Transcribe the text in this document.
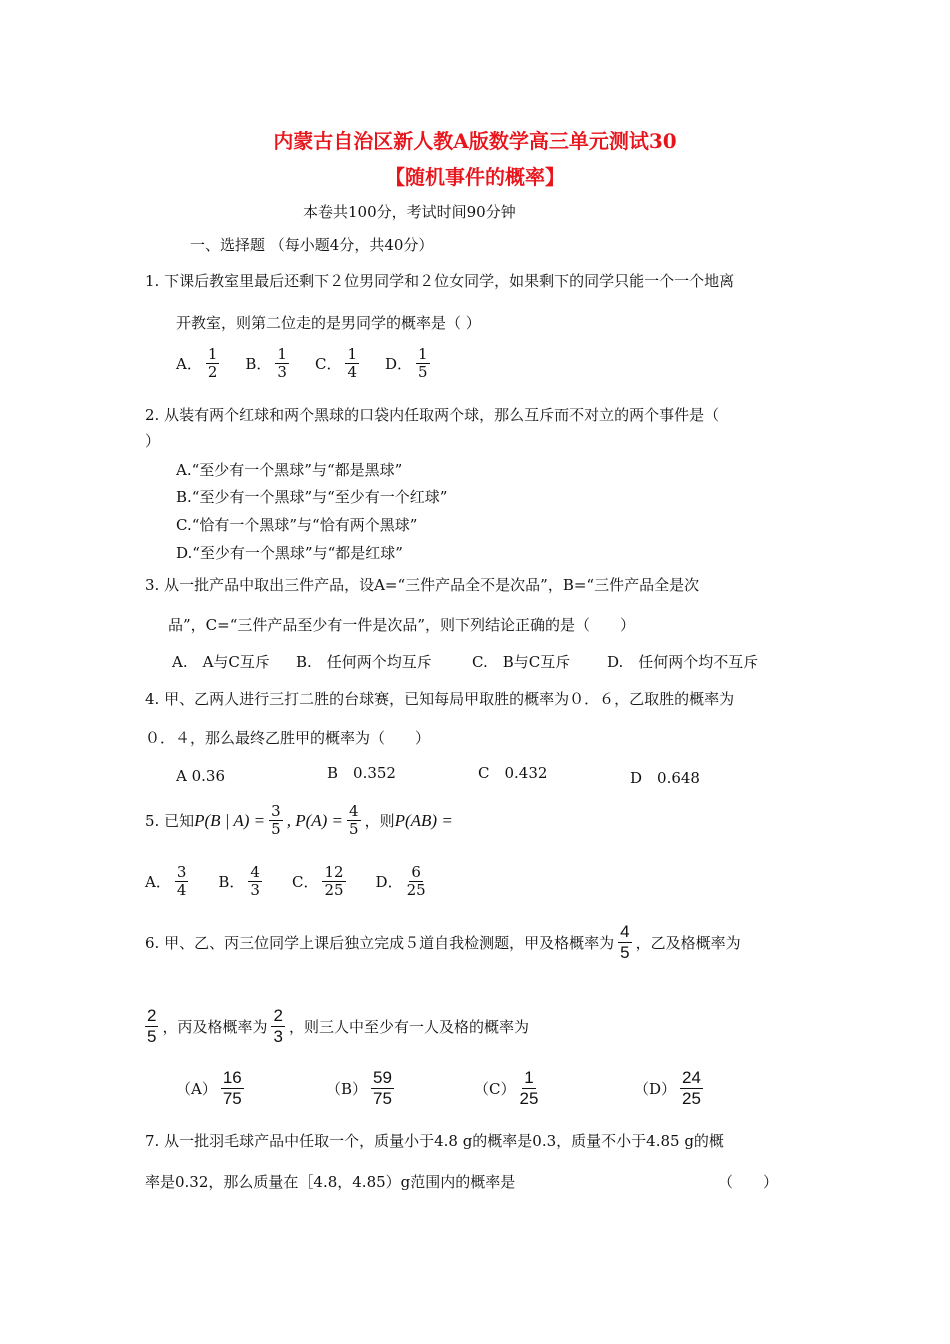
内蒙古自治区新人教A版数学高三单元测试30
【随机事件的概率】
本卷共100分，考试时间90分钟
一、选择题 （每小题4分，共40分）
1. 下课后教室里最后还剩下２位男同学和２位女同学，如果剩下的同学只能一个一个地离
开教室，则第二位走的是男同学的概率是（ ）
A． $\frac{1}{2}$ B． $\frac{1}{3}$ C． $\frac{1}{4}$ D． $\frac{1}{5}$
2. 从装有两个红球和两个黑球的口袋内任取两个球，那么互斥而不对立的两个事件是（
）
A.“至少有一个黑球”与“都是黑球”
B.“至少有一个黑球”与“至少有一个红球”
C.“恰有一个黑球”与“恰有两个黑球”
D.“至少有一个黑球”与“都是红球”
3. 从一批产品中取出三件产品，设A=“三件产品全不是次品”，B=“三件产品全是次
品”，C=“三件产品至少有一件是次品”，则下列结论正确的是（　　）
A.　A与C互斥 B.　任何两个均互斥	C.　B与C互斥 D.　任何两个均不互斥
4. 甲、乙两人进行三打二胜的台球赛，已知每局甲取胜的概率为０．６，乙取胜的概率为
０．４，那么最终乙胜甲的概率为（　　）
A 0.36	B　0.352	C　0.432	D　0.648
5. 已知 P(B | $A) = \frac{3}{5}$ , $P(A) = \frac{4}{5}$ ，则 P(AB) =
A． $\frac{3}{4}$ B． $\frac{4}{3}$ C． $\frac{12}{25}$ D． $\frac{6}{25}$
6. 甲、乙、丙三位同学上课后独立完成５道自我检测题，甲及格概率为 $\frac{4}{5}$ ，乙及格概率为
$\frac{2}{5}$ ，丙及格概率为 $\frac{2}{3}$ ，则三人中至少有一人及格的概率为
$(A) \frac{16}{75}$	$(B) \frac{59}{75}$	$(C) \frac{1}{25}$	$(D) \frac{24}{25}$
7. 从一批羽毛球产品中任取一个，质量小于4.8 g的概率是0.3，质量不小于4.85 g的概
率是0.32，那么质量在［4.8，4.85）g范围内的概率是	（　　）
